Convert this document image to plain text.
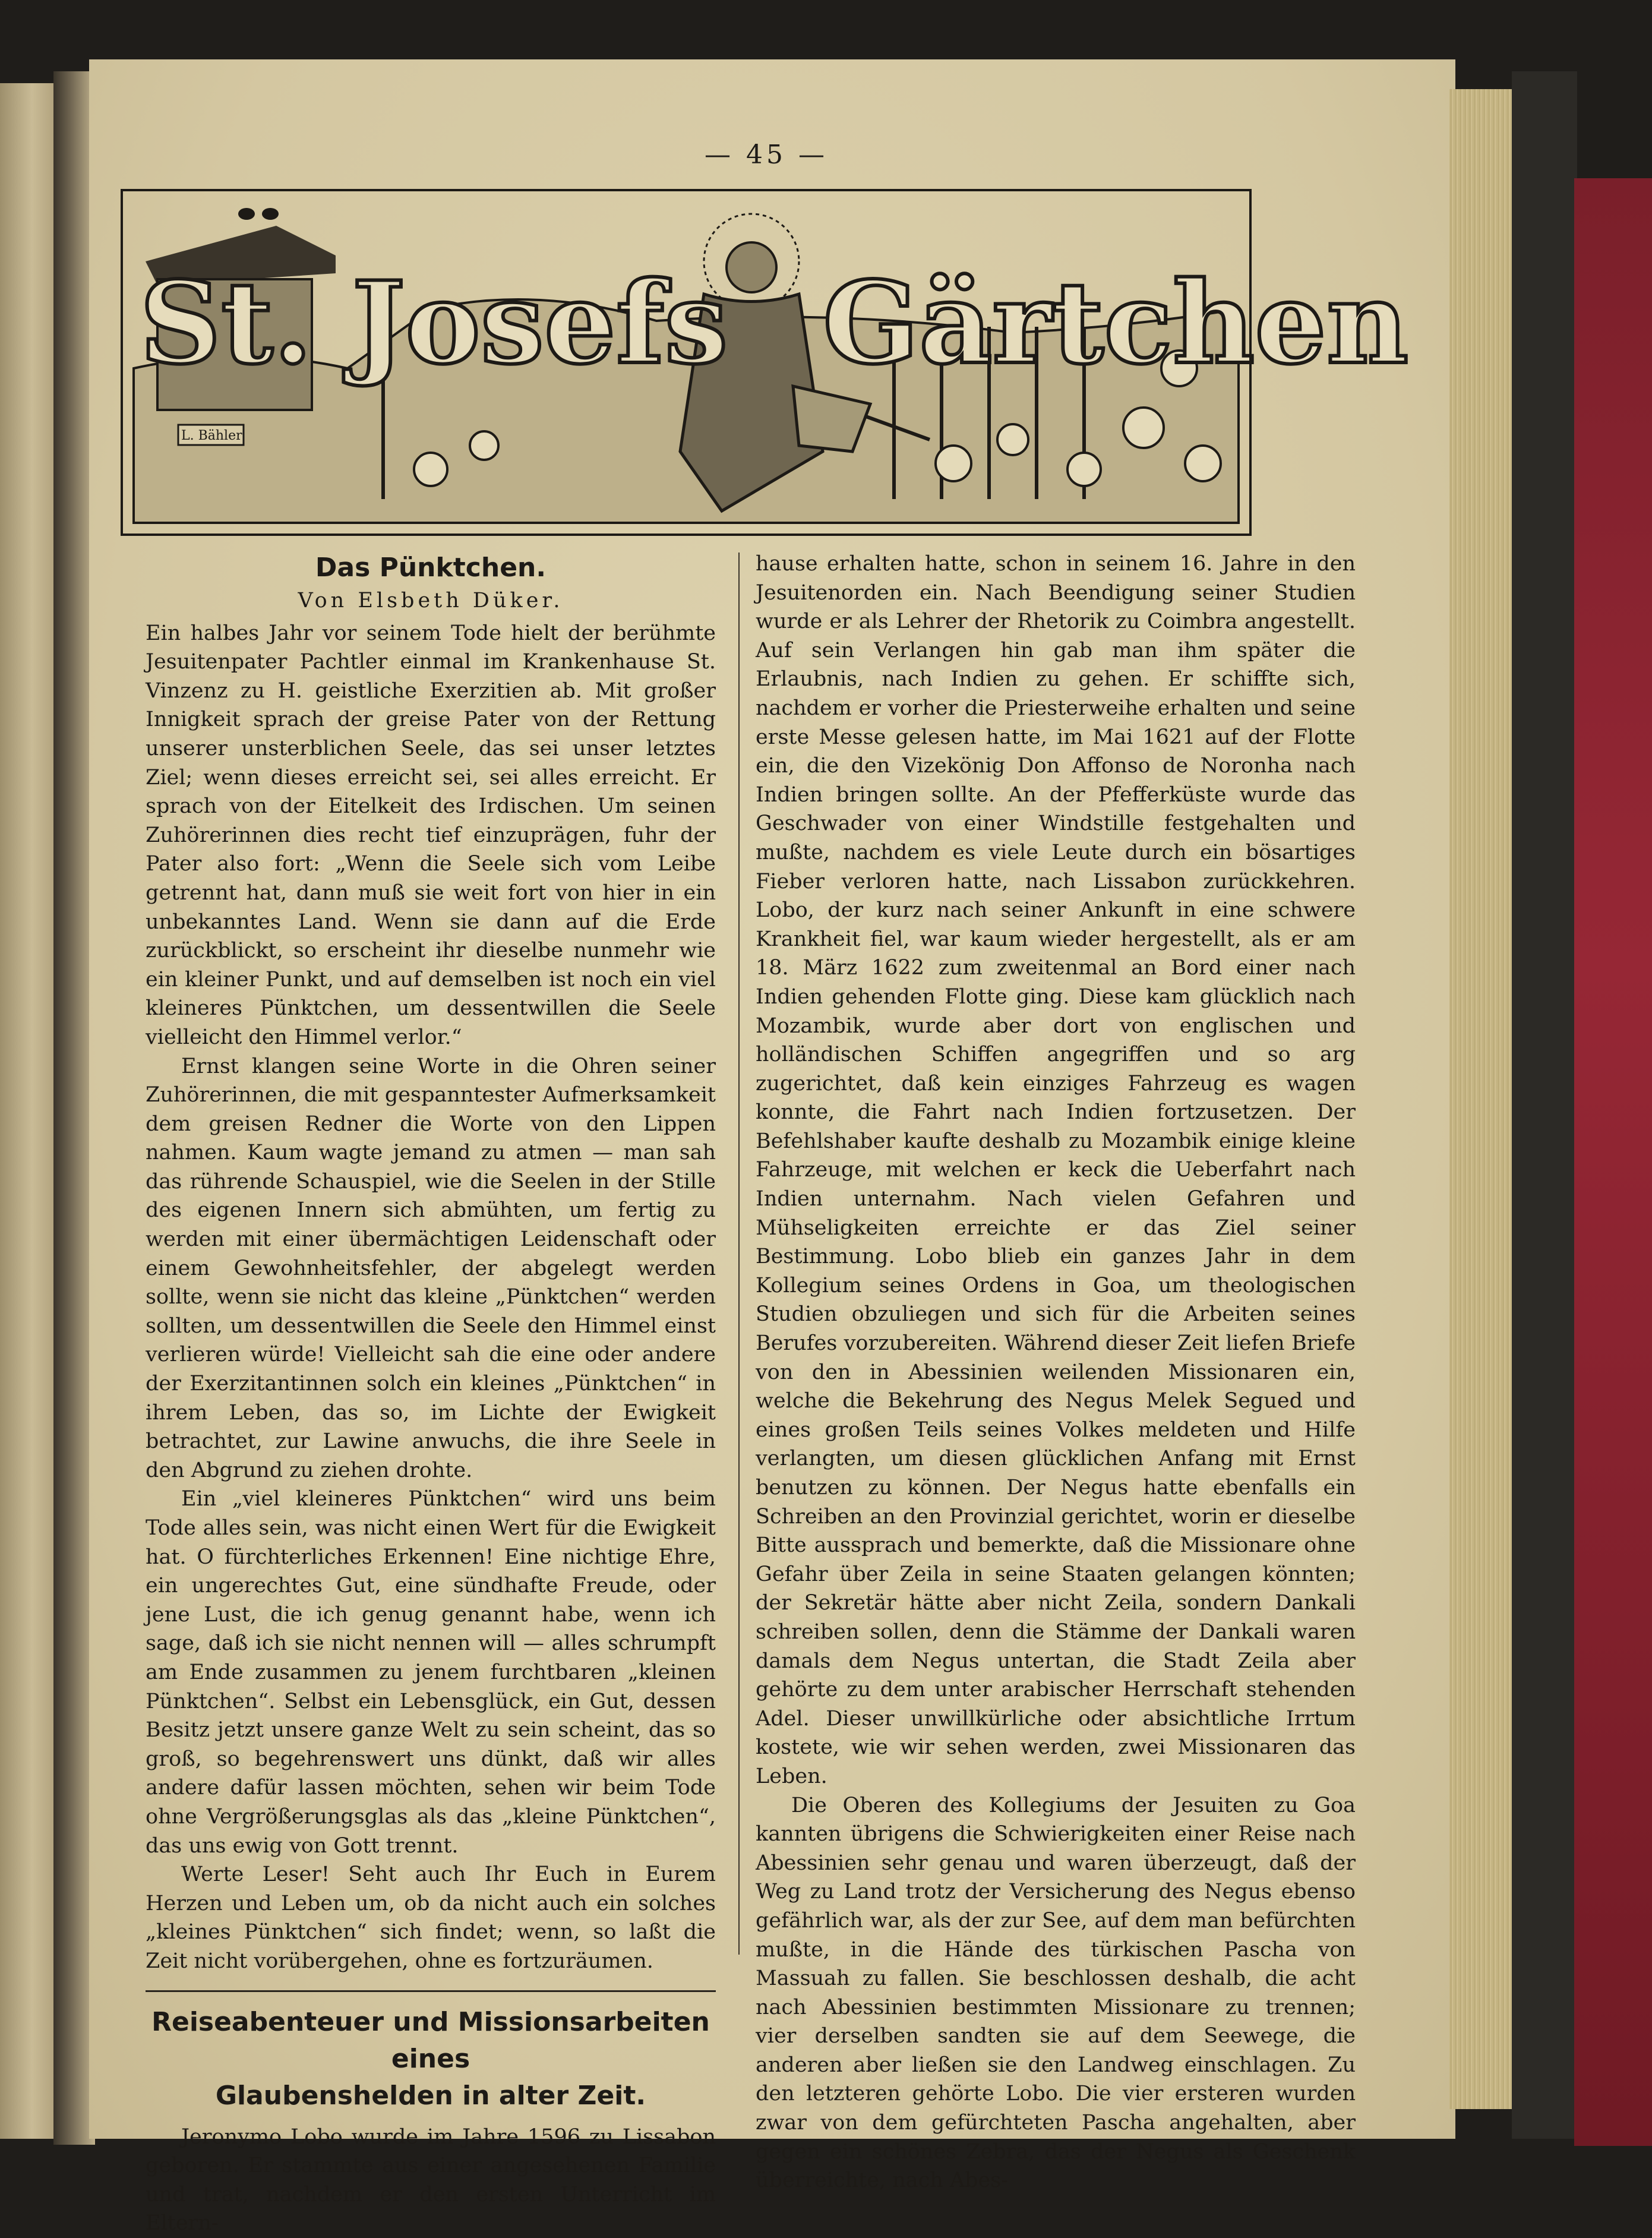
— 45 —
St. Josefs Gärtchen
L. Bähler
Das Pünktchen.
Von Elsbeth Düker.

Ein halbes Jahr vor seinem Tode hielt der berühmte Jesuitenpater Pachtler einmal im Krankenhause St. Vinzenz zu H. geistliche Exerzitien ab. Mit großer Innigkeit sprach der greise Pater von der Rettung unserer unsterblichen Seele, das sei unser letztes Ziel; wenn dieses erreicht sei, sei alles erreicht. Er sprach von der Eitelkeit des Irdischen. Um seinen Zuhörerinnen dies recht tief einzuprägen, fuhr der Pater also fort: „Wenn die Seele sich vom Leibe getrennt hat, dann muß sie weit fort von hier in ein unbekanntes Land. Wenn sie dann auf die Erde zurückblickt, so erscheint ihr dieselbe nunmehr wie ein kleiner Punkt, und auf demselben ist noch ein viel kleineres Pünktchen, um dessentwillen die Seele vielleicht den Himmel verlor.“

Ernst klangen seine Worte in die Ohren seiner Zuhörerinnen, die mit gespanntester Aufmerksamkeit dem greisen Redner die Worte von den Lippen nahmen. Kaum wagte jemand zu atmen — man sah das rührende Schauspiel, wie die Seelen in der Stille des eigenen Innern sich abmühten, um fertig zu werden mit einer übermächtigen Leidenschaft oder einem Gewohnheitsfehler, der abgelegt werden sollte, wenn sie nicht das kleine „Pünktchen“ werden sollten, um dessentwillen die Seele den Himmel einst verlieren würde! Vielleicht sah die eine oder andere der Exerzitantinnen solch ein kleines „Pünktchen“ in ihrem Leben, das so, im Lichte der Ewigkeit betrachtet, zur Lawine anwuchs, die ihre Seele in den Abgrund zu ziehen drohte.

Ein „viel kleineres Pünktchen“ wird uns beim Tode alles sein, was nicht einen Wert für die Ewigkeit hat. O fürchterliches Erkennen! Eine nichtige Ehre, ein ungerechtes Gut, eine sündhafte Freude, oder jene Lust, die ich genug genannt habe, wenn ich sage, daß ich sie nicht nennen will — alles schrumpft am Ende zusammen zu jenem furchtbaren „kleinen Pünktchen“. Selbst ein Lebensglück, ein Gut, dessen Besitz jetzt unsere ganze Welt zu sein scheint, das so groß, so begehrenswert uns dünkt, daß wir alles andere dafür lassen möchten, sehen wir beim Tode ohne Vergrößerungsglas als das „kleine Pünktchen“, das uns ewig von Gott trennt.

Werte Leser! Seht auch Ihr Euch in Eurem Herzen und Leben um, ob da nicht auch ein solches „kleines Pünktchen“ sich findet; wenn, so laßt die Zeit nicht vorübergehen, ohne es fortzuräumen.

Reiseabenteuer und Missionsarbeiten eines
Glaubenshelden in alter Zeit.

Jeronymo Lobo wurde im Jahre 1596 zu Lissabon geboren. Er stammte aus einer angesehenen Familie und trat, nachdem er den ersten Unterricht im Eltern-

hause erhalten hatte, schon in seinem 16. Jahre in den Jesuitenorden ein. Nach Beendigung seiner Studien wurde er als Lehrer der Rhetorik zu Coimbra angestellt. Auf sein Verlangen hin gab man ihm später die Erlaubnis, nach Indien zu gehen. Er schiffte sich, nachdem er vorher die Priesterweihe erhalten und seine erste Messe gelesen hatte, im Mai 1621 auf der Flotte ein, die den Vizekönig Don Affonso de Noronha nach Indien bringen sollte. An der Pfefferküste wurde das Geschwader von einer Windstille festgehalten und mußte, nachdem es viele Leute durch ein bösartiges Fieber verloren hatte, nach Lissabon zurückkehren. Lobo, der kurz nach seiner Ankunft in eine schwere Krankheit fiel, war kaum wieder hergestellt, als er am 18. März 1622 zum zweitenmal an Bord einer nach Indien gehenden Flotte ging. Diese kam glücklich nach Mozambik, wurde aber dort von englischen und holländischen Schiffen angegriffen und so arg zugerichtet, daß kein einziges Fahrzeug es wagen konnte, die Fahrt nach Indien fortzusetzen. Der Befehlshaber kaufte deshalb zu Mozambik einige kleine Fahrzeuge, mit welchen er keck die Ueberfahrt nach Indien unternahm. Nach vielen Gefahren und Mühseligkeiten erreichte er das Ziel seiner Bestimmung. Lobo blieb ein ganzes Jahr in dem Kollegium seines Ordens in Goa, um theologischen Studien obzuliegen und sich für die Arbeiten seines Berufes vorzubereiten. Während dieser Zeit liefen Briefe von den in Abessinien weilenden Missionaren ein, welche die Bekehrung des Negus Melek Segued und eines großen Teils seines Volkes meldeten und Hilfe verlangten, um diesen glücklichen Anfang mit Ernst benutzen zu können. Der Negus hatte ebenfalls ein Schreiben an den Provinzial gerichtet, worin er dieselbe Bitte aussprach und bemerkte, daß die Missionare ohne Gefahr über Zeila in seine Staaten gelangen könnten; der Sekretär hätte aber nicht Zeila, sondern Dankali schreiben sollen, denn die Stämme der Dankali waren damals dem Negus untertan, die Stadt Zeila aber gehörte zu dem unter arabischer Herrschaft stehenden Adel. Dieser unwillkürliche oder absichtliche Irrtum kostete, wie wir sehen werden, zwei Missionaren das Leben.

Die Oberen des Kollegiums der Jesuiten zu Goa kannten übrigens die Schwierigkeiten einer Reise nach Abessinien sehr genau und waren überzeugt, daß der Weg zu Land trotz der Versicherung des Negus ebenso gefährlich war, als der zur See, auf dem man befürchten mußte, in die Hände des türkischen Pascha von Massuah zu fallen. Sie beschlossen deshalb, die acht nach Abessinien bestimmten Missionare zu trennen; vier derselben sandten sie auf dem Seewege, die anderen aber ließen sie den Landweg einschlagen. Zu den letzteren gehörte Lobo. Die vier ersteren wurden zwar von dem gefürchteten Pascha angehalten, aber gegen ein schönes Zebra, das der Negus als Geschenk überreichte, nach Abes-
